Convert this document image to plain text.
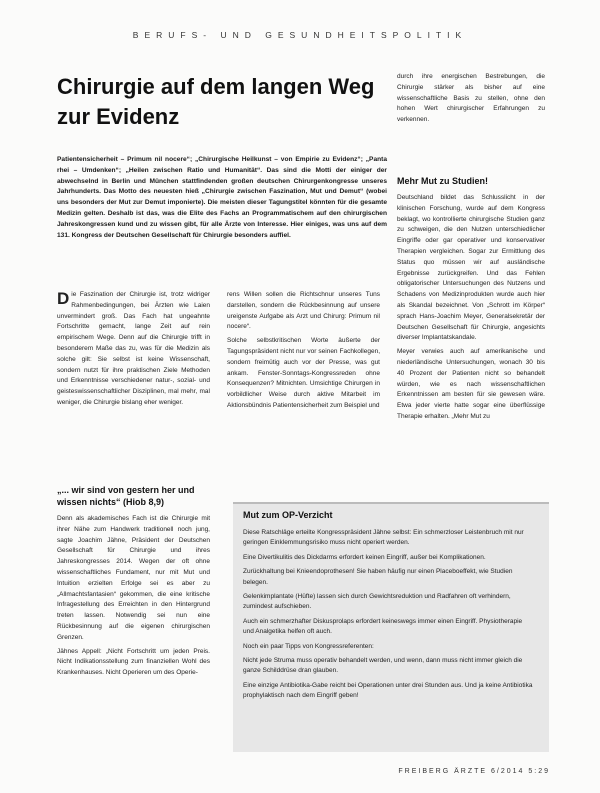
BERUFS- UND GESUNDHEITSPOLITIK
Chirurgie auf dem langen Weg zur Evidenz
Patientensicherheit – Primum nil nocere“; „Chirurgische Heilkunst – von Empirie zu Evidenz“; „Panta rhei – Umdenken“; „Heilen zwischen Ratio und Humanität“. Das sind die Motti der einiger der abwechselnd in Berlin und München stattfindenden großen deutschen Chirurgenkongresse unseres Jahrhunderts. Das Motto des neuesten hieß „Chirurgie zwischen Faszination, Mut und Demut“ (wobei uns besonders der Mut zur Demut imponierte). Die meisten dieser Tagungstitel könnten für die gesamte Medizin gelten. Deshalb ist das, was die Elite des Fachs an Programmatischem auf den chirurgischen Jahreskongressen kund und zu wissen gibt, für alle Ärzte von Interesse. Hier einiges, was uns auf dem 131. Kongress der Deutschen Gesellschaft für Chirurgie besonders auffiel.

Die Faszination der Chirurgie ist, trotz widriger Rahmenbedingungen, bei Ärzten wie Laien unvermindert groß. Das Fach hat ungeahnte Fortschritte gemacht, lange Zeit auf rein empirischem Wege. Denn auf die Chirurgie trifft in besonderem Maße das zu, was für die Medizin als solche gilt: Sie selbst ist keine Wissenschaft, sondern nutzt für ihre praktischen Ziele Methoden und Erkenntnisse verschiedener natur-, sozial- und geisteswissenschaftlicher Disziplinen, mal mehr, mal weniger, die Chirurgie bislang eher weniger.

„... wir sind von gestern her und wissen nichts“ (Hiob 8,9)

Denn als akademisches Fach ist die Chirurgie mit ihrer Nähe zum Handwerk traditionell noch jung, sagte Joachim Jähne, Präsident der Deutschen Gesellschaft für Chirurgie und ihres Jahreskongresses 2014. Wegen der oft ohne wissenschaftliches Fundament, nur mit Mut und Intuition erzielten Erfolge sei es aber zu „Allmachtsfantasien“ gekommen, die eine kritische Infragestellung des Erreichten in den Hintergrund treten lassen. Notwendig sei nun eine Rückbesinnung auf die eigenen chirurgischen Grenzen.

Jähnes Appell: „Nicht Fortschritt um jeden Preis. Nicht Indikationsstellung zum finanziellen Wohl des Krankenhauses. Nicht Operieren um des Operie-

rens Willen sollen die Richtschnur unseres Tuns darstellen, sondern die Rückbesinnung auf unsere ureigenste Aufgabe als Arzt und Chirurg: Primum nil nocere“.

Solche selbstkritischen Worte äußerte der Tagungspräsident nicht nur vor seinen Fachkollegen, sondern freimütig auch vor der Presse, was gut ankam. Fenster-Sonntags-Kongressreden ohne Konsequenzen? Mitnichten. Umsichtige Chirurgen in vorbildlicher Weise durch aktive Mitarbeit im Aktionsbündnis Patientensicherheit zum Beispiel und

durch ihre energischen Bestrebungen, die Chirurgie stärker als bisher auf eine wissenschaftliche Basis zu stellen, ohne den hohen Wert chirurgischer Erfahrungen zu verkennen.

Mehr Mut zu Studien!

Deutschland bildet das Schlusslicht in der klinischen Forschung, wurde auf dem Kongress beklagt, wo kontrollierte chirurgische Studien ganz zu schweigen, die den Nutzen unterschiedlicher Eingriffe oder gar operativer und konservativer Therapien vergleichen. Sogar zur Ermittlung des Status quo müssen wir auf ausländische Ergebnisse zurückgreifen. Und das Fehlen obligatorischer Untersuchungen des Nutzens und Schadens von Medizinprodukten wurde auch hier als Skandal bezeichnet. Von „Schrott im Körper“ sprach Hans-Joachim Meyer, Generalsekretär der Deutschen Gesellschaft für Chirurgie, angesichts diverser Implantatskandale.

Meyer verwies auch auf amerikanische und niederländische Untersuchungen, wonach 30 bis 40 Prozent der Patienten nicht so behandelt würden, wie es nach wissenschaftlichen Erkenntnissen am besten für sie gewesen wäre. Etwa jeder vierte hatte sogar eine überflüssige Therapie erhalten. „Mehr Mut zu

Mut zum OP-Verzicht

Diese Ratschläge erteilte Kongresspräsident Jähne selbst: Ein schmerzloser Leistenbruch mit nur geringen Einklemmungsrisiko muss nicht operiert werden.

Eine Divertikulitis des Dickdarms erfordert keinen Eingriff, außer bei Komplikationen.

Zurückhaltung bei Knieendoprothesen! Sie haben häufig nur einen Placeboeffekt, wie Studien belegen.

Gelenkimplantate (Hüfte) lassen sich durch Gewichtsreduktion und Radfahren oft verhindern, zumindest aufschieben.

Auch ein schmerzhafter Diskusprolaps erfordert keineswegs immer einen Eingriff. Physiotherapie und Analgetika helfen oft auch.

Noch ein paar Tipps von Kongressreferenten:

Nicht jede Struma muss operativ behandelt werden, und wenn, dann muss nicht immer gleich die ganze Schilddrüse dran glauben.

Eine einzige Antibiotika-Gabe reicht bei Operationen unter drei Stunden aus. Und ja keine Antibiotika prophylaktisch nach dem Eingriff geben!

FREIBERG ÄRZTE 6/2014 5:29
